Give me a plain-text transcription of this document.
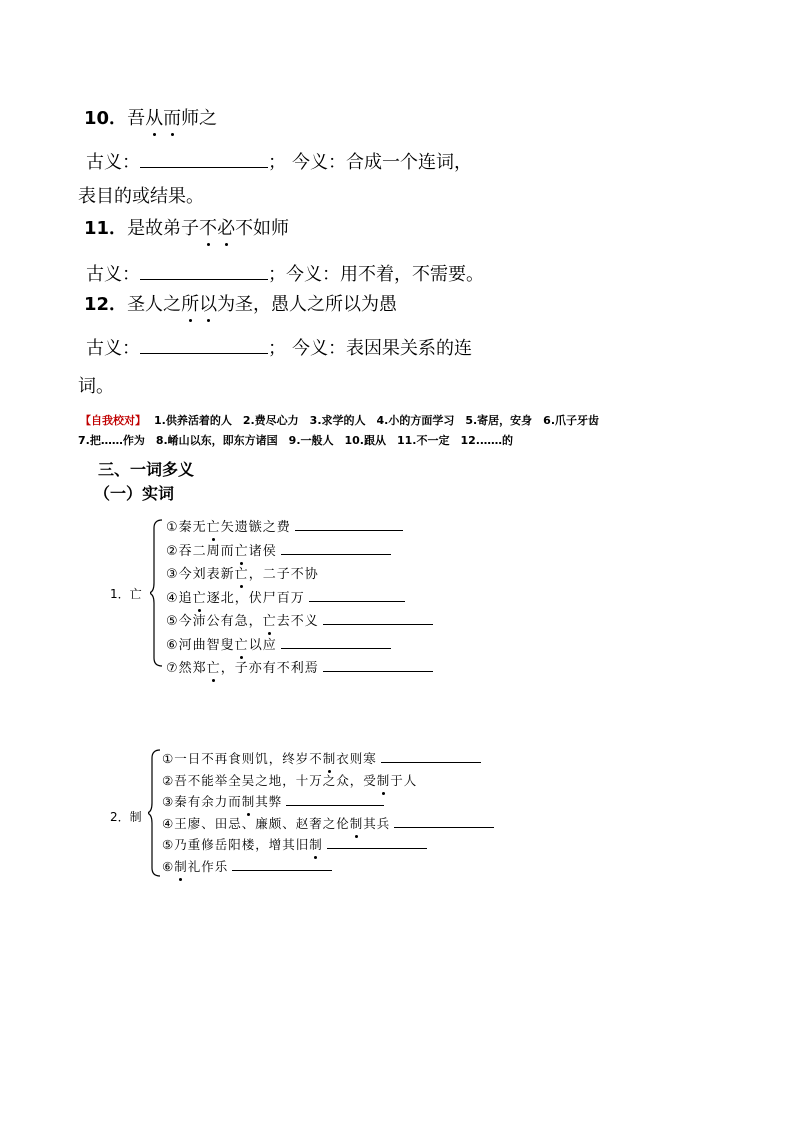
10．吾从而师之
古义：	； 今义：合成一个连词，
表目的或结果。
11．是故弟子不必不如师
古义：	；今义：用不着，不需要。
12．圣人之所以为圣，愚人之所以为愚
古义：	； 今义：表因果关系的连
词。
【自我校对】 1.供养活着的人　2.费尽心力　3.求学的人　4.小的方面学习　5.寄居，安身　6.爪子牙齿
7.把……作为　8.崤山以东，即东方诸国　9.一般人　10.跟从　11.不一定　12.……的
三、一词多义
（一）实词
1．亡
①秦无亡矢遗镞之费
②吞二周而亡诸侯
③今刘表新亡，二子不协
④追亡逐北，伏尸百万
⑤今沛公有急，亡去不义
⑥河曲智叟亡以应
⑦然郑亡，子亦有不利焉
2．制
①一日不再食则饥，终岁不制衣则寒
②吾不能举全吴之地，十万之众，受制于人
③秦有余力而制其弊
④王廖、田忌、廉颇、赵奢之伦制其兵
⑤乃重修岳阳楼，增其旧制
⑥制礼作乐
